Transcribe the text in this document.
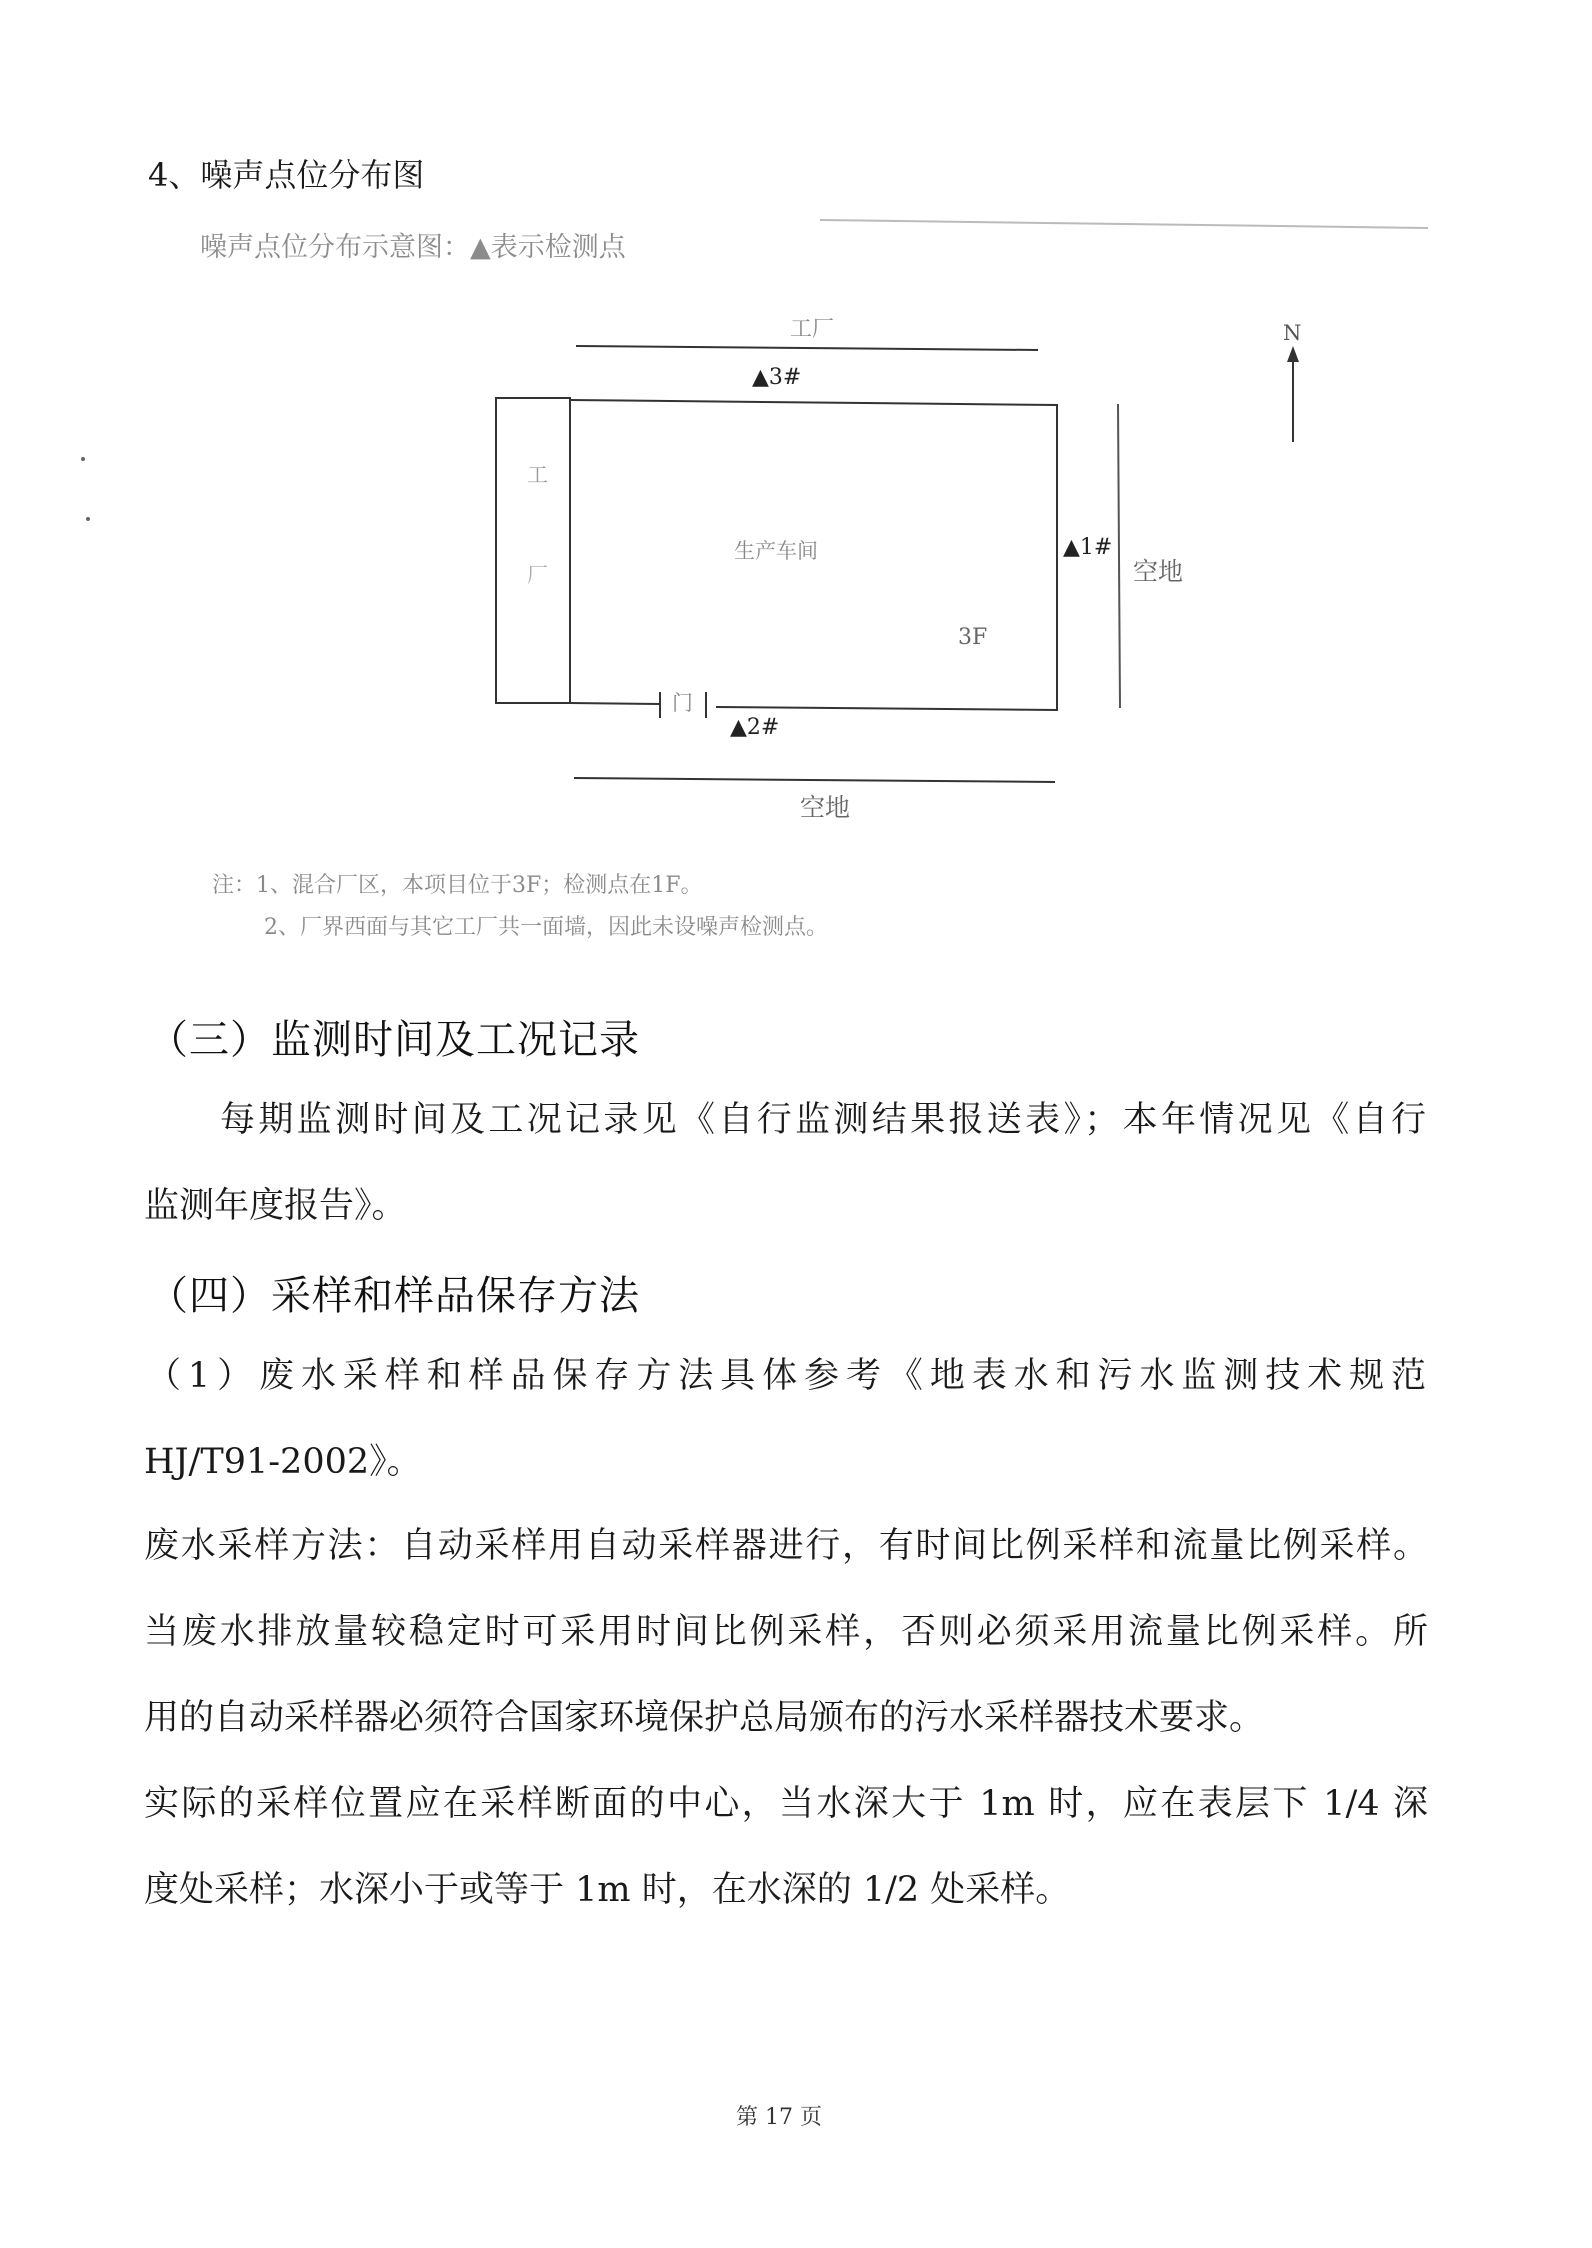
4、噪声点位分布图
噪声点位分布示意图：▲表示检测点
工厂
▲3#
工
厂
门
生产车间
3F
▲1#
空地
▲2#
空地
N
注：1、混合厂区，本项目位于3F；检测点在1F。
2、厂界西面与其它工厂共一面墙，因此未设噪声检测点。
（三）监测时间及工况记录
每期监测时间及工况记录见《自行监测结果报送表》；本年情况见《自行
监测年度报告》。
（四）采样和样品保存方法
（1）废水采样和样品保存方法具体参考《地表水和污水监测技术规范
HJ/T91-2002》。
废水采样方法：自动采样用自动采样器进行，有时间比例采样和流量比例采样。
当废水排放量较稳定时可采用时间比例采样，否则必须采用流量比例采样。所
用的自动采样器必须符合国家环境保护总局颁布的污水采样器技术要求。
实际的采样位置应在采样断面的中心，当水深大于 1m 时，应在表层下 1/4 深
度处采样；水深小于或等于 1m 时，在水深的 1/2 处采样。
第 17 页
